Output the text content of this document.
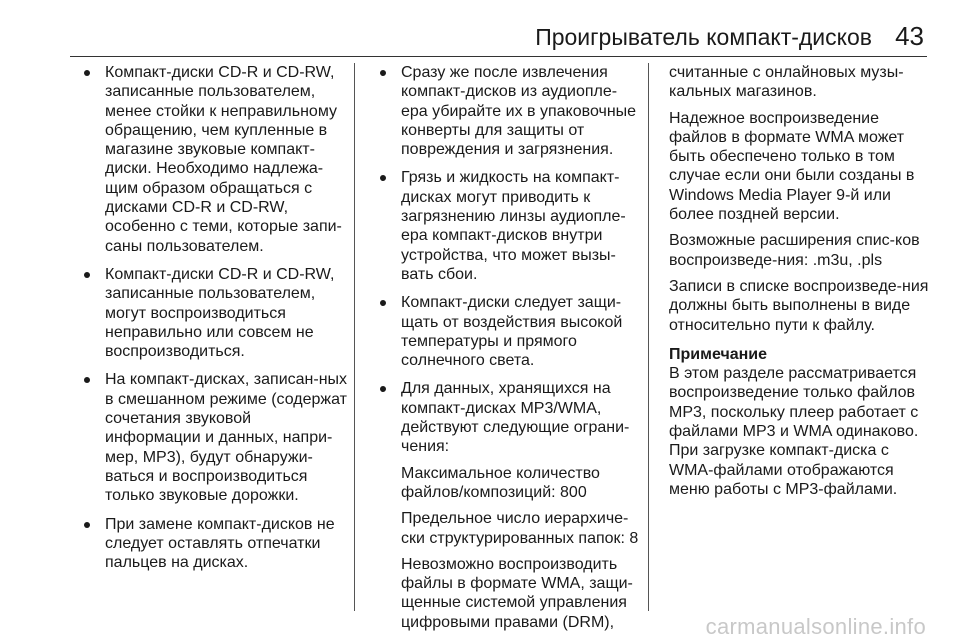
Проигрыватель компакт-дисков 43
Компакт-диски CD-R и CD-RW, записанные пользователем, менее стойки к неправильному обращению, чем купленные в магазине звуковые компакт-диски. Необходимо надлежа-щим образом обращаться с дисками CD-R и CD-RW, особенно с теми, которые запи-саны пользователем.
Компакт-диски CD-R и CD-RW, записанные пользователем, могут воспроизводиться неправильно или совсем не воспроизводиться.
На компакт-дисках, записан-ных в смешанном режиме (содержат сочетания звуковой информации и данных, напри-мер, MP3), будут обнаружи-ваться и воспроизводиться только звуковые дорожки.
При замене компакт-дисков не следует оставлять отпечатки пальцев на дисках.
Сразу же после извлечения компакт-дисков из аудиопле-ера убирайте их в упаковочные конверты для защиты от повреждения и загрязнения.
Грязь и жидкость на компакт-дисках могут приводить к загрязнению линзы аудиопле-ера компакт-дисков внутри устройства, что может вызы-вать сбои.
Компакт-диски следует защи-щать от воздействия высокой температуры и прямого солнечного света.
Для данных, хранящихся на компакт-дисках MP3/WMA, действуют следующие ограни-чения:
Максимальное количество файлов/композиций: 800
Предельное число иерархиче-ски структурированных папок: 8
Невозможно воспроизводить файлы в формате WMA, защи-щенные системой управления цифровыми правами (DRM),
считанные с онлайновых музы-кальных магазинов.
Надежное воспроизведение файлов в формате WMA может быть обеспечено только в том случае если они были созданы в Windows Media Player 9-й или более поздней версии.
Возможные расширения спис-ков воспроизведе-ния: .m3u, .pls
Записи в списке воспроизведе-ния должны быть выполнены в виде относительно пути к файлу.

Примечание

В этом разделе рассматривается воспроизведение только файлов MP3, поскольку плеер работает с файлами MP3 и WMA одинаково. При загрузке компакт-диска с WMA-файлами отображаются меню работы с MP3-файлами.

carmanualsonline.info
